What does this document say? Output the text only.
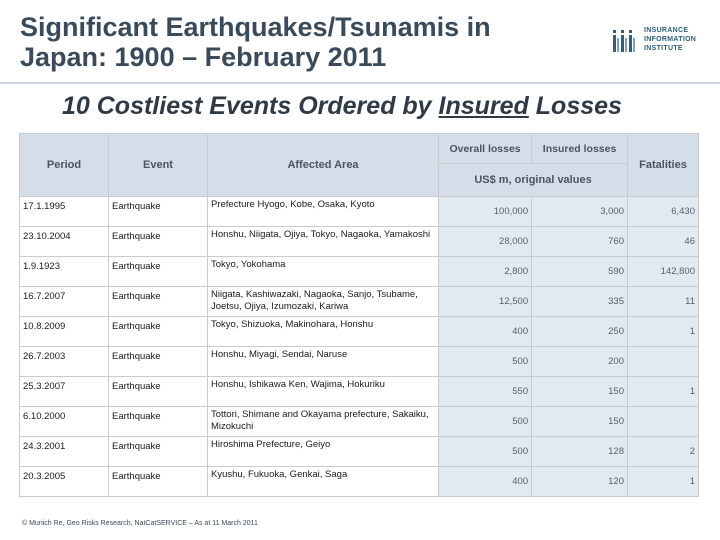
Significant Earthquakes/Tsunamis in
Japan: 1900 – February 2011
INSURANCE
INFORMATION
INSTITUTE
10 Costliest Events Ordered by Insured Losses
Period	Event	Affected Area	Overall losses	Insured losses	Fatalities
			US$ m, original values		
17.1.1995	Earthquake	Prefecture Hyogo, Kobe, Osaka, Kyoto	100,000	3,000	6,430
23.10.2004	Earthquake	Honshu, Niigata, Ojiya, Tokyo, Nagaoka, Yamakoshi	28,000	760	46
1.9.1923	Earthquake	Tokyo, Yokohama	2,800	590	142,800
16.7.2007	Earthquake	Niigata, Kashiwazaki, Nagaoka, Sanjo, Tsubame, Joetsu, Ojiya, Izumozaki, Kariwa	12,500	335	11
10.8.2009	Earthquake	Tokyo, Shizuoka, Makinohara, Honshu	400	250	1
26.7.2003	Earthquake	Honshu, Miyagi, Sendai, Naruse	500	200	
25.3.2007	Earthquake	Honshu, Ishikawa Ken, Wajima, Hokuriku	550	150	1
6.10.2000	Earthquake	Tottori, Shimane and Okayama prefecture, Sakaiku, Mizokuchi	500	150	
24.3.2001	Earthquake	Hiroshima Prefecture, Geiyo	500	128	2
20.3.2005	Earthquake	Kyushu, Fukuoka, Genkai, Saga	400	120	1
© Munich Re, Geo Risks Research, NatCatSERVICE – As at 11 March 2011
